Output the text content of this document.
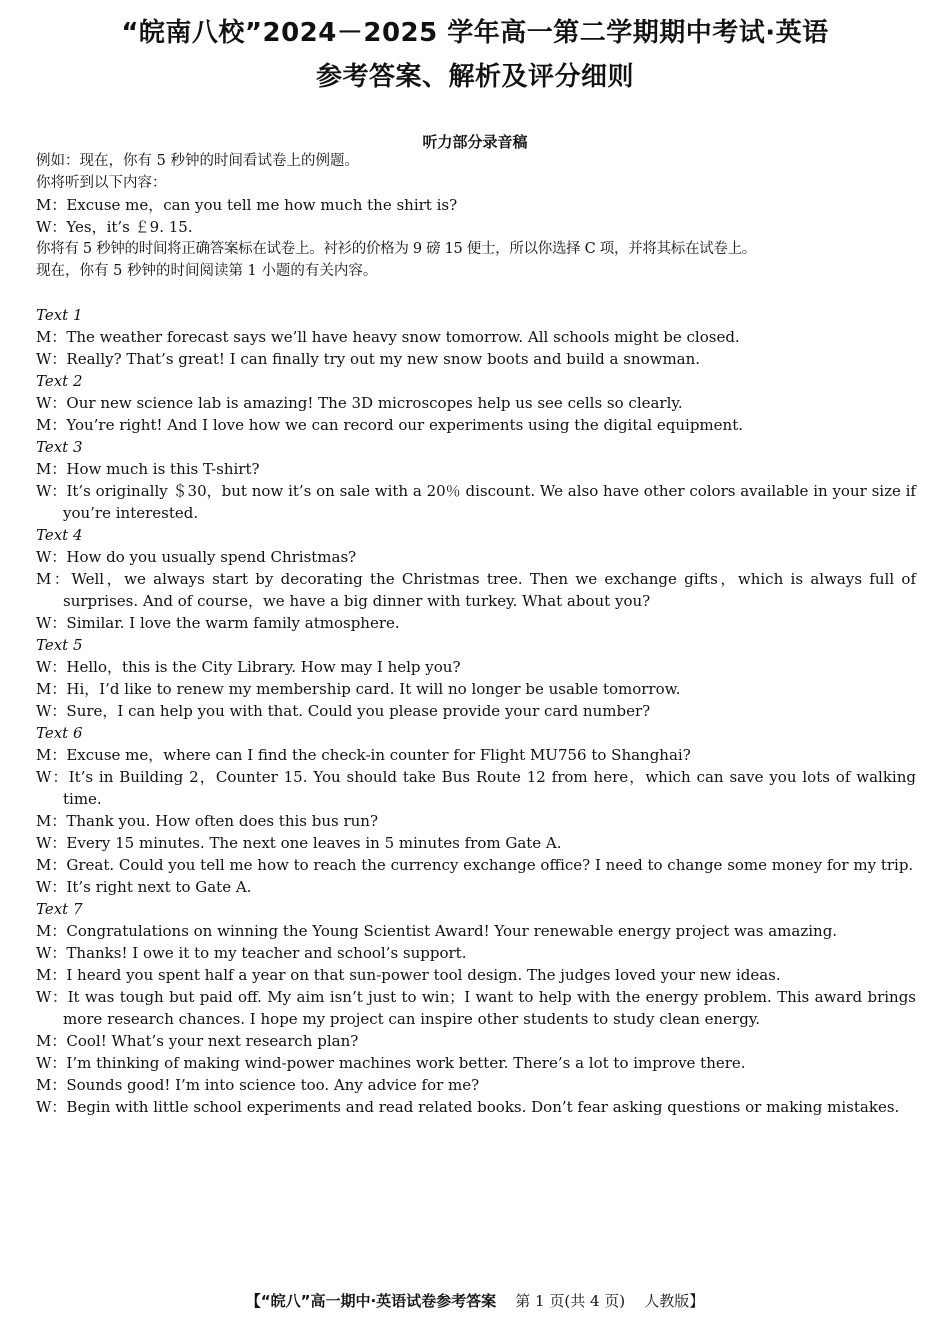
“皖南八校”2024－2025 学年高一第二学期期中考试·英语
参考答案、解析及评分细则
听力部分录音稿

例如：现在，你有 5 秒钟的时间看试卷上的例题。

你将听到以下内容：

M：Excuse me，can you tell me how much the shirt is?

W：Yes，it’s ￡9. 15.

你将有 5 秒钟的时间将正确答案标在试卷上。衬衫的价格为 9 磅 15 便士，所以你选择 C 项，并将其标在试卷上。

现在，你有 5 秒钟的时间阅读第 1 小题的有关内容。

Text 1

M：The weather forecast says we’ll have heavy snow tomorrow. All schools might be closed.

W：Really? That’s great! I can finally try out my new snow boots and build a snowman.

Text 2

W：Our new science lab is amazing! The 3D microscopes help us see cells so clearly.

M：You’re right! And I love how we can record our experiments using the digital equipment.

Text 3

M：How much is this T-shirt?

W：It’s originally ＄30，but now it’s on sale with a 20％ discount. We also have other colors available in your size if you’re interested.

Text 4

W：How do you usually spend Christmas?

M：Well，we always start by decorating the Christmas tree. Then we exchange gifts，which is always full of surprises. And of course，we have a big dinner with turkey. What about you?

W：Similar. I love the warm family atmosphere.

Text 5

W：Hello，this is the City Library. How may I help you?

M：Hi，I’d like to renew my membership card. It will no longer be usable tomorrow.

W：Sure，I can help you with that. Could you please provide your card number?

Text 6

M：Excuse me，where can I find the check-in counter for Flight MU756 to Shanghai?

W：It’s in Building 2，Counter 15. You should take Bus Route 12 from here，which can save you lots of walking time.

M：Thank you. How often does this bus run?

W：Every 15 minutes. The next one leaves in 5 minutes from Gate A.

M：Great. Could you tell me how to reach the currency exchange office? I need to change some money for my trip.

W：It’s right next to Gate A.

Text 7

M：Congratulations on winning the Young Scientist Award! Your renewable energy project was amazing.

W：Thanks! I owe it to my teacher and school’s support.

M：I heard you spent half a year on that sun-power tool design. The judges loved your new ideas.

W：It was tough but paid off. My aim isn’t just to win；I want to help with the energy problem. This award brings more research chances. I hope my project can inspire other students to study clean energy.

M：Cool! What’s your next research plan?

W：I’m thinking of making wind-power machines work better. There’s a lot to improve there.

M：Sounds good! I’m into science too. Any advice for me?

W：Begin with little school experiments and read related books. Don’t fear asking questions or making mistakes.

【“皖八”高一期中·英语试卷参考答案 第 1 页(共 4 页) 人教版】
